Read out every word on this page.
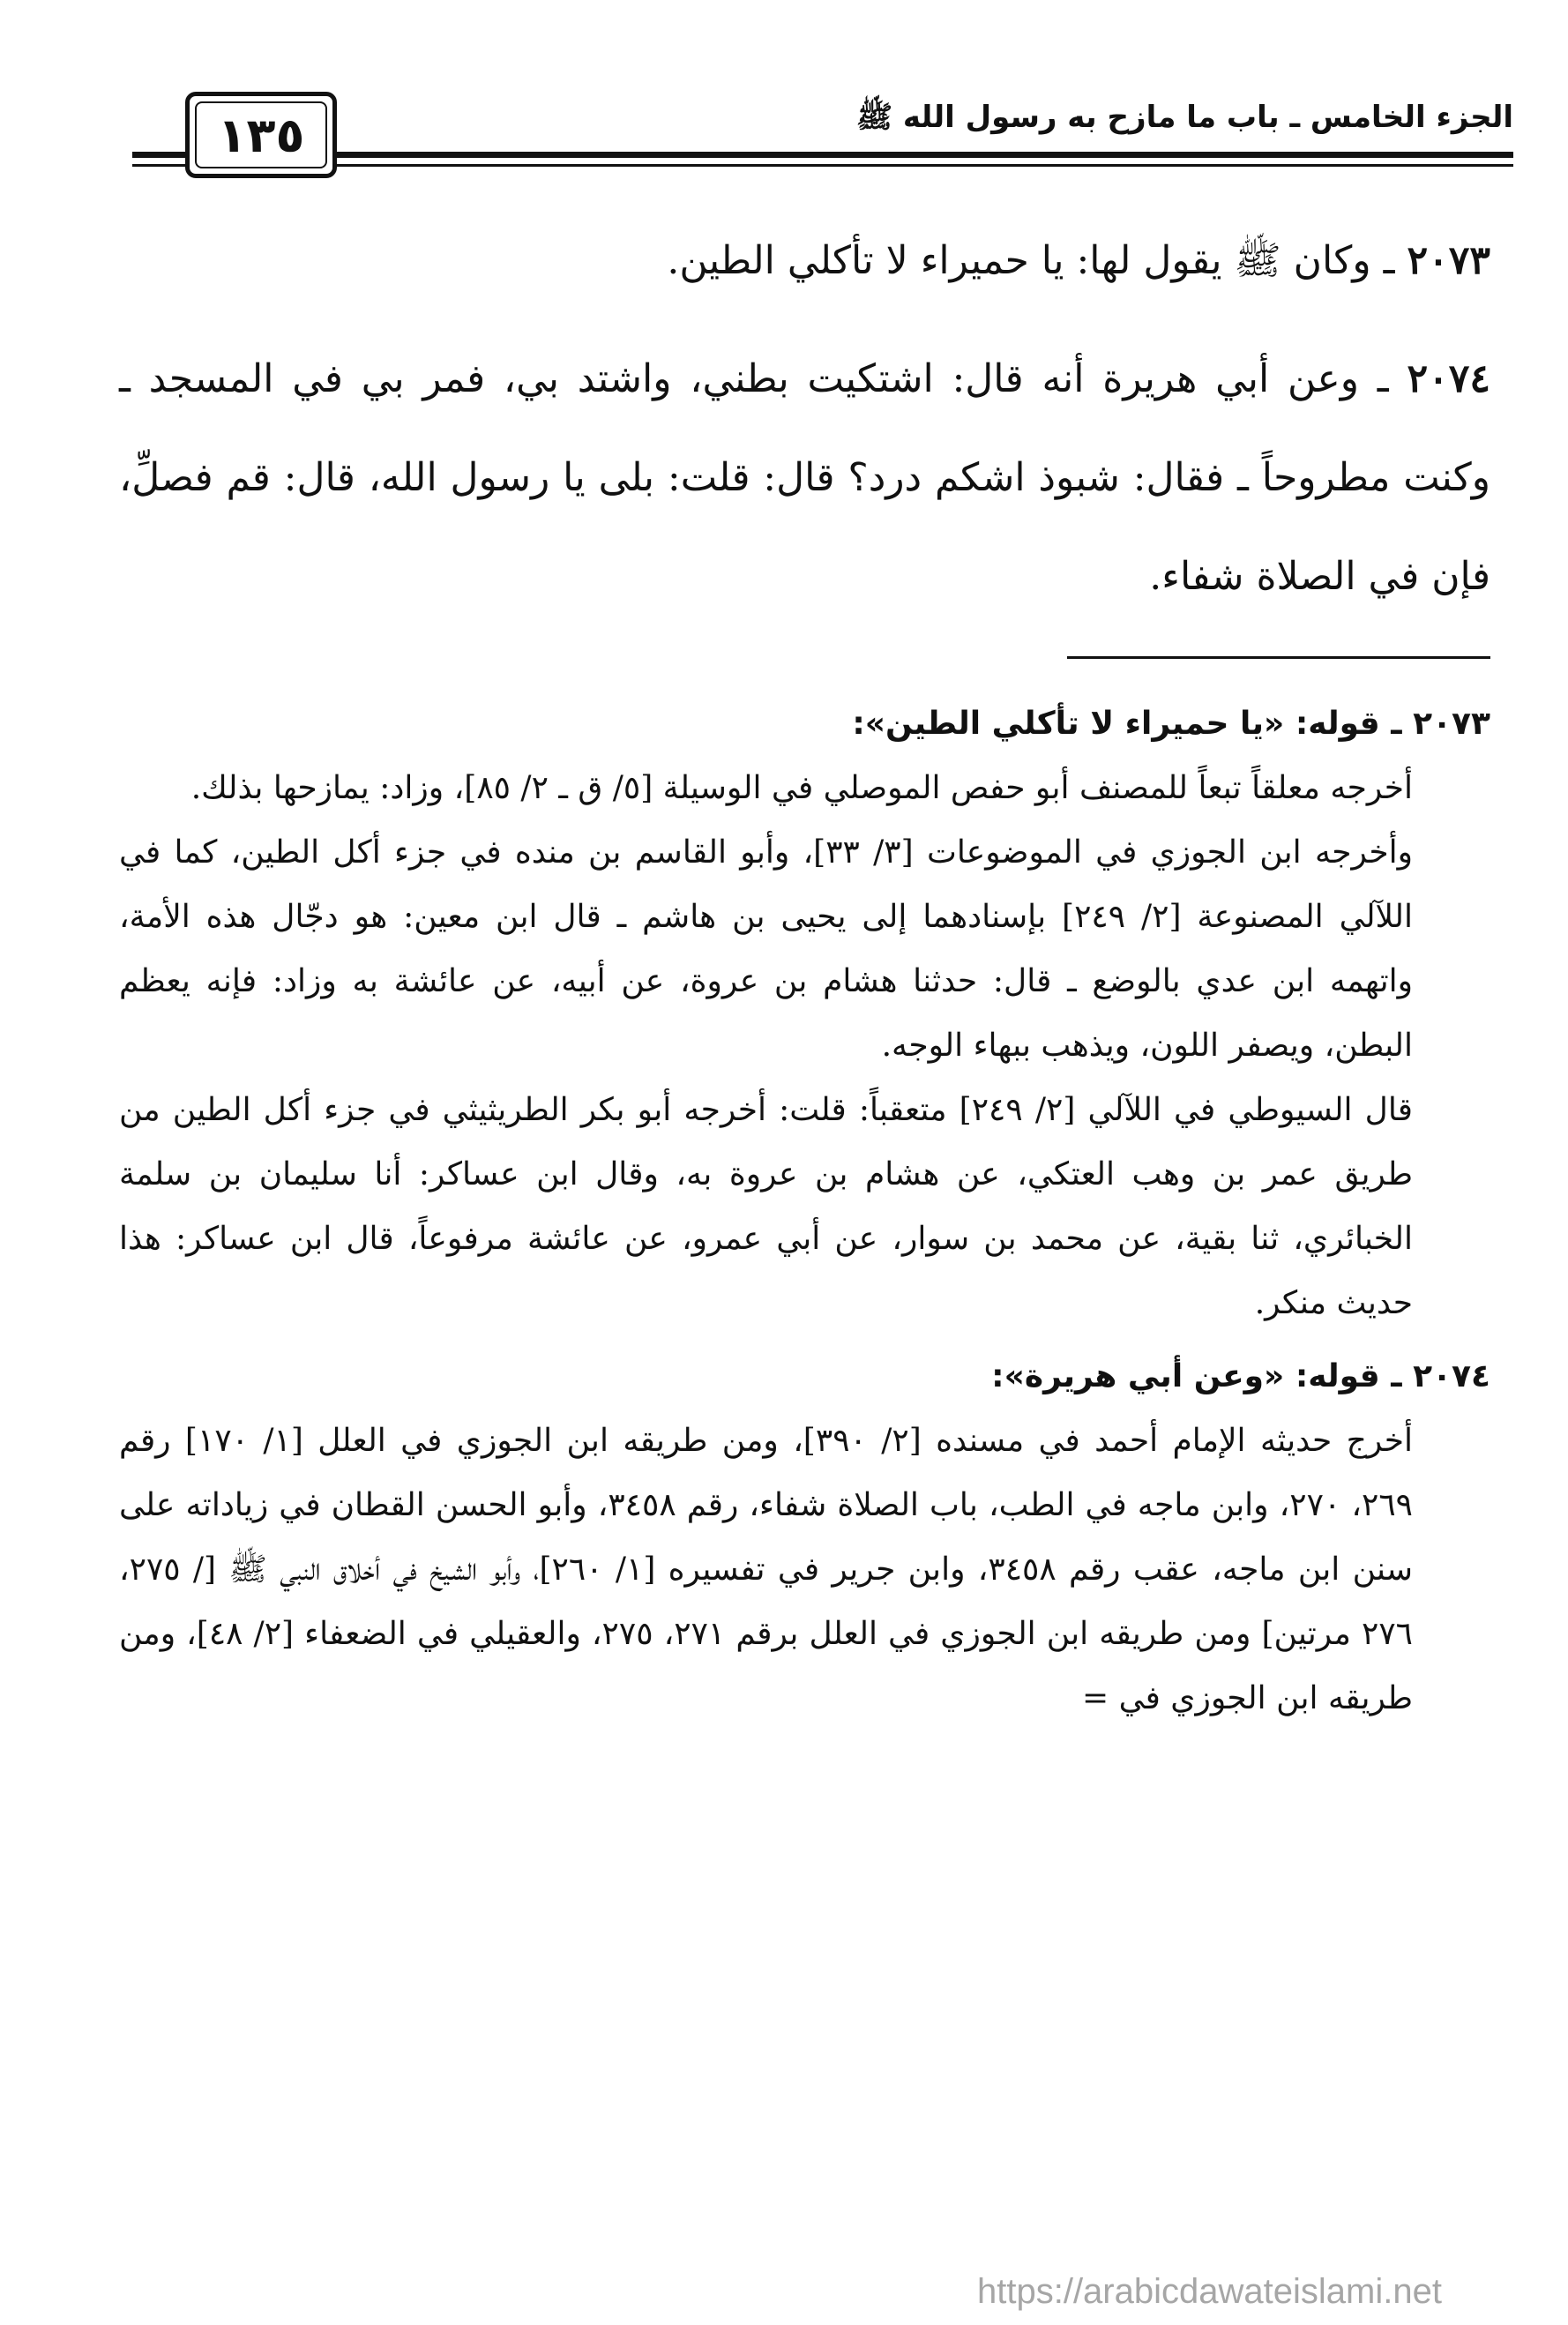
الجزء الخامس ـ باب ما مازح به رسول الله ﷺ
١٣٥

٢٠٧٣ ـ وكان ﷺ يقول لها: يا حميراء لا تأكلي الطين.

٢٠٧٤ ـ وعن أبي هريرة أنه قال: اشتكيت بطني، واشتد بي، فمر بي في المسجد ـ وكنت مطروحاً ـ فقال: شبوذ اشكم درد؟ قال: قلت: بلى يا رسول الله، قال: قم فصلِّ، فإن في الصلاة شفاء.

٢٠٧٣ ـ قوله: «يا حميراء لا تأكلي الطين»:

أخرجه معلقاً تبعاً للمصنف أبو حفص الموصلي في الوسيلة [٥/ ق ـ ٢/ ٨٥]، وزاد: يمازحها بذلك.

وأخرجه ابن الجوزي في الموضوعات [٣/ ٣٣]، وأبو القاسم بن منده في جزء أكل الطين، كما في اللآلي المصنوعة [٢/ ٢٤٩] بإسنادهما إلى يحيى بن هاشم ـ قال ابن معين: هو دجّال هذه الأمة، واتهمه ابن عدي بالوضع ـ قال: حدثنا هشام بن عروة، عن أبيه، عن عائشة به وزاد: فإنه يعظم البطن، ويصفر اللون، ويذهب ببهاء الوجه.

قال السيوطي في اللآلي [٢/ ٢٤٩] متعقباً: قلت: أخرجه أبو بكر الطريثيثي في جزء أكل الطين من طريق عمر بن وهب العتكي، عن هشام بن عروة به، وقال ابن عساكر: أنا سليمان بن سلمة الخبائري، ثنا بقية، عن محمد بن سوار، عن أبي عمرو، عن عائشة مرفوعاً، قال ابن عساكر: هذا حديث منكر.

٢٠٧٤ ـ قوله: «وعن أبي هريرة»:

أخرج حديثه الإمام أحمد في مسنده [٢/ ٣٩٠]، ومن طريقه ابن الجوزي في العلل [١/ ١٧٠] رقم ٢٦٩، ٢٧٠، وابن ماجه في الطب، باب الصلاة شفاء، رقم ٣٤٥٨، وأبو الحسن القطان في زياداته على سنن ابن ماجه، عقب رقم ٣٤٥٨، وابن جرير في تفسيره [١/ ٢٦٠]، وأبو الشيخ في أخلاق النبي ﷺ [/ ٢٧٥، ٢٧٦ مرتين] ومن طريقه ابن الجوزي في العلل برقم ٢٧١، ٢٧٥، والعقيلي في الضعفاء [٢/ ٤٨]، ومن طريقه ابن الجوزي في =

https://arabicdawateislami.net
